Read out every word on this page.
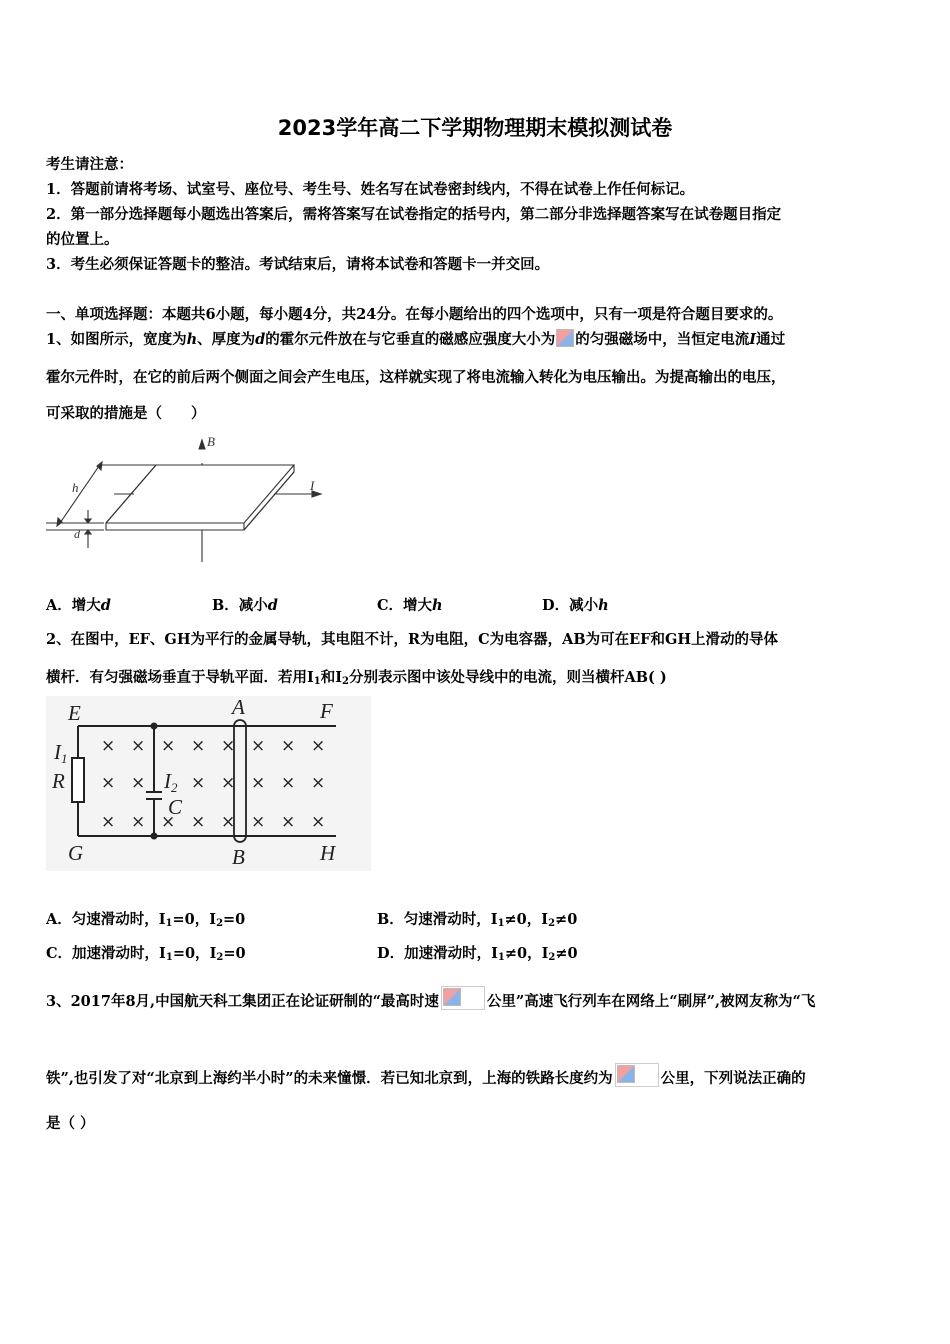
2023学年高二下学期物理期末模拟测试卷
考生请注意：
1．答题前请将考场、试室号、座位号、考生号、姓名写在试卷密封线内，不得在试卷上作任何标记。
2．第一部分选择题每小题选出答案后，需将答案写在试卷指定的括号内，第二部分非选择题答案写在试卷题目指定
的位置上。
3．考生必须保证答题卡的整洁。考试结束后，请将本试卷和答题卡一并交回。
一、单项选择题：本题共6小题，每小题4分，共24分。在每小题给出的四个选项中，只有一项是符合题目要求的。
1、如图所示，宽度为h、厚度为d的霍尔元件放在与它垂直的磁感应强度大小为 的匀强磁场中，当恒定电流I通过
霍尔元件时，在它的前后两个侧面之间会产生电压，这样就实现了将电流输入转化为电压输出。为提高输出的电压，
可采取的措施是（　　）
B
I
h
d
A．增大d	B．减小d	C．增大h	D．减小h
2、在图中，EF、GH为平行的金属导轨，其电阻不计，R为电阻，C为电容器，AB为可在EF和GH上滑动的导体
横杆．有匀强磁场垂直于导轨平面．若用$I_1$和$I_2$分别表示图中该处导线中的电流，则当横杆AB( )
× × × × × × × ×
× ×	× × × × ×
× × × × × × × ×
E	F
G	H
A
B
R
C
I1
I2
A．匀速滑动时，$I_1=0$，$I_2=0$	B．匀速滑动时，$I_1\ne 0$，$I_2\ne 0$
C．加速滑动时，$I_1=0$，$I_2=0$	D．加速滑动时，$I_1\ne 0$，$I_2\ne 0$
3、2017年8月,中国航天科工集团正在论证研制的“最高时速	公里”高速飞行列车在网络上“刷屏”,被网友称为“飞
铁”,也引发了对“北京到上海约半小时”的未来憧憬．若已知北京到，上海的铁路长度约为	公里，下列说法正确的
是（ ）
